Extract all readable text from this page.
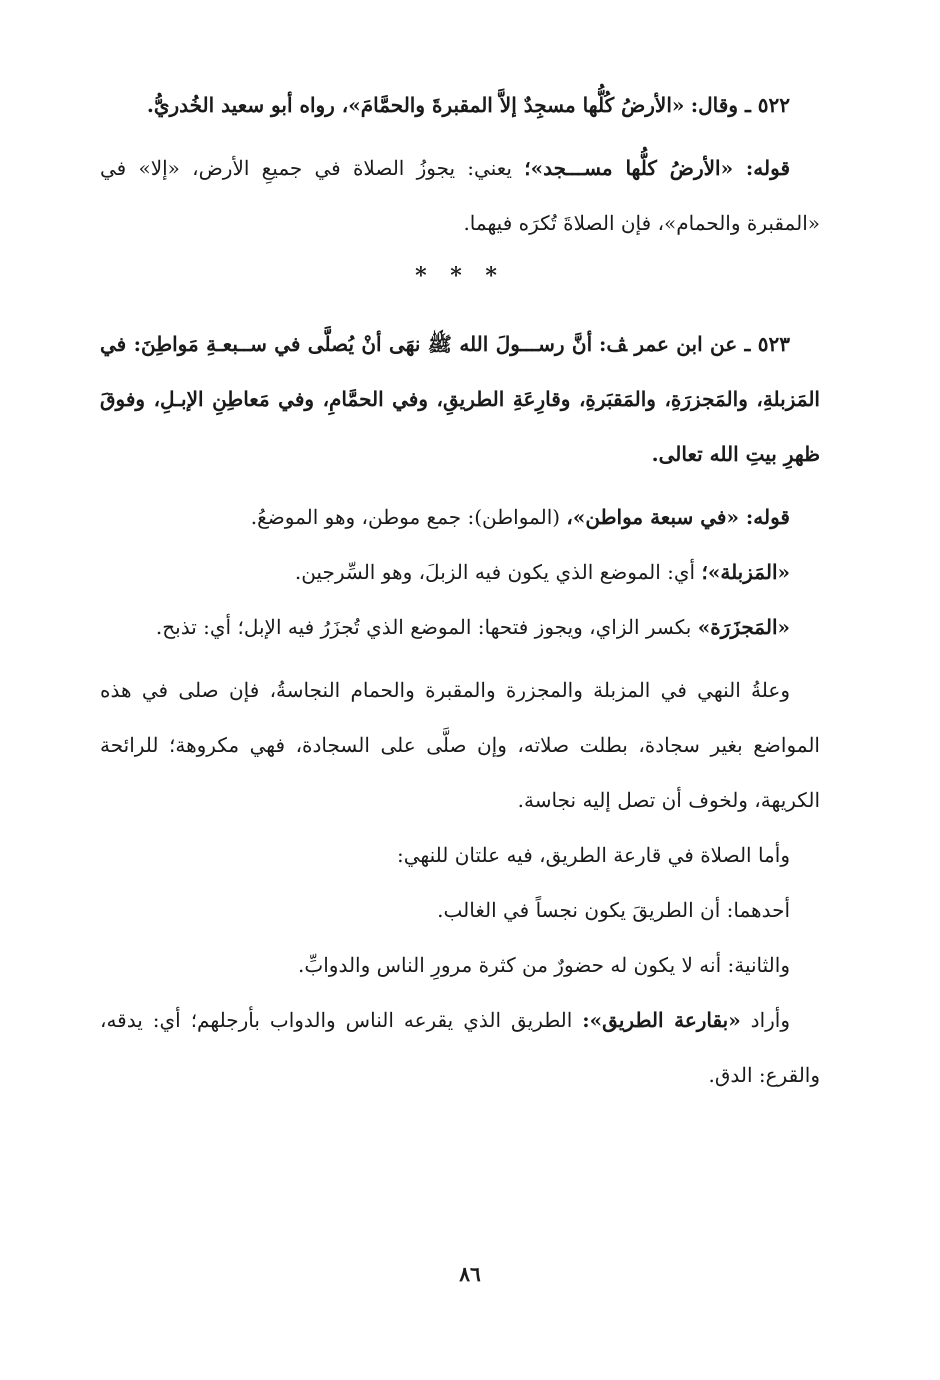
٥٢٢ ـ وقال: «الأرضُ كُلُّها مسجِدٌ إلاَّ المقبرةَ والحمَّامَ»، رواه أبو سعيد الخُدريُّ.

قوله: «الأرضُ كلُّها مســـجد»؛ يعني: يجوزُ الصلاة في جميعِ الأرض، «إلا» في «المقبرة والحمام»، فإن الصلاةَ تُكرَه فيهما.

* * *

٥٢٣ ـ عن ابن عمر ﭫ: أنَّ رســـولَ الله ﷺ نهَى أنْ يُصلَّى في ســبعـةِ مَواطِنَ: في المَزبلةِ، والمَجزرَةِ، والمَقبَرةِ، وقارِعَةِ الطريقِ، وفي الحمَّامِ، وفي مَعاطِنِ الإبـلِ، وفوقَ ظهرِ بيتِ الله تعالى.

قوله: «في سبعة مواطن»، (المواطن): جمع موطن، وهو الموضعُ.

«المَزبلة»؛ أي: الموضع الذي يكون فيه الزبلَ، وهو السِّرجين.

«المَجزَرَة» بكسر الزاي، ويجوز فتحها: الموضع الذي تُجزَرُ فيه الإبل؛ أي: تذبح.

وعلةُ النهي في المزبلة والمجزرة والمقبرة والحمام النجاسةُ، فإن صلى في هذه المواضع بغير سجادة، بطلت صلاته، وإن صلَّى على السجادة، فهي مكروهة؛ للرائحة الكريهة، ولخوف أن تصل إليه نجاسة.

وأما الصلاة في قارعة الطريق، فيه علتان للنهي:

أحدهما: أن الطريقَ يكون نجساً في الغالب.

والثانية: أنه لا يكون له حضورٌ من كثرة مرورِ الناس والدوابِّ.

وأراد «بقارعة الطريق»: الطريق الذي يقرعه الناس والدواب بأرجلهم؛ أي: يدقه، والقرع: الدق.

٨٦
